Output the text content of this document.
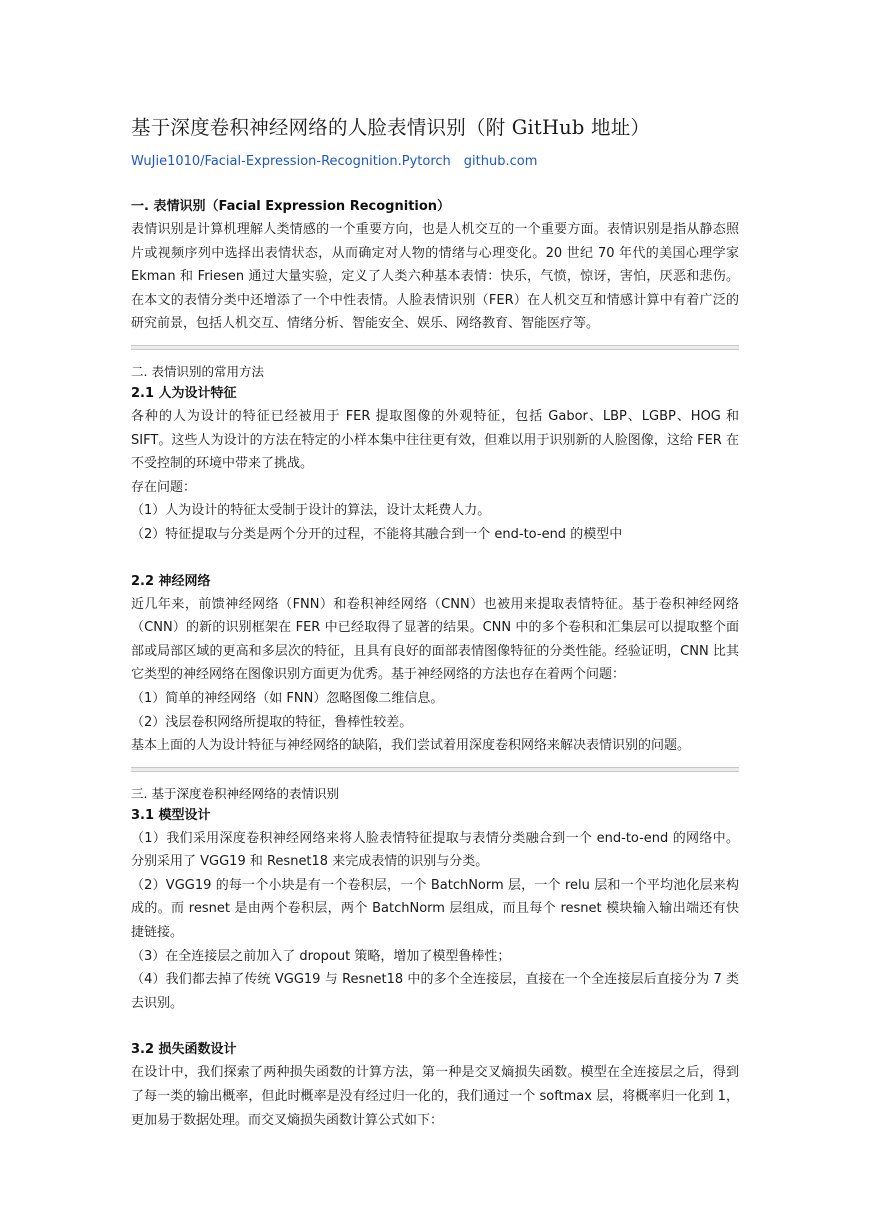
基于深度卷积神经网络的人脸表情识别（附 GitHub 地址）
WuJie1010/Facial-Expression-Recognition.Pytorch github.com
一. 表情识别（Facial Expression Recognition）

表情识别是计算机理解人类情感的一个重要方向，也是人机交互的一个重要方面。表情识别是指从静态照片或视频序列中选择出表情状态，从而确定对人物的情绪与心理变化。20 世纪 70 年代的美国心理学家 Ekman 和 Friesen 通过大量实验，定义了人类六种基本表情：快乐，气愤，惊讶，害怕，厌恶和悲伤。在本文的表情分类中还增添了一个中性表情。人脸表情识别（FER）在人机交互和情感计算中有着广泛的研究前景，包括人机交互、情绪分析、智能安全、娱乐、网络教育、智能医疗等。

二. 表情识别的常用方法
2.1 人为设计特征

各种的人为设计的特征已经被用于 FER 提取图像的外观特征，包括 Gabor、LBP、LGBP、HOG 和 SIFT。这些人为设计的方法在特定的小样本集中往往更有效，但难以用于识别新的人脸图像，这给 FER 在不受控制的环境中带来了挑战。

存在问题：

（1）人为设计的特征太受制于设计的算法，设计太耗费人力。

（2）特征提取与分类是两个分开的过程，不能将其融合到一个 end-to-end 的模型中

2.2 神经网络

近几年来，前馈神经网络（FNN）和卷积神经网络（CNN）也被用来提取表情特征。基于卷积神经网络（CNN）的新的识别框架在 FER 中已经取得了显著的结果。CNN 中的多个卷积和汇集层可以提取整个面部或局部区域的更高和多层次的特征，且具有良好的面部表情图像特征的分类性能。经验证明，CNN 比其它类型的神经网络在图像识别方面更为优秀。基于神经网络的方法也存在着两个问题：

（1）简单的神经网络（如 FNN）忽略图像二维信息。

（2）浅层卷积网络所提取的特征，鲁棒性较差。

基本上面的人为设计特征与神经网络的缺陷，我们尝试着用深度卷积网络来解决表情识别的问题。

三. 基于深度卷积神经网络的表情识别
3.1 模型设计

（1）我们采用深度卷积神经网络来将人脸表情特征提取与表情分类融合到一个 end-to-end 的网络中。分别采用了 VGG19 和 Resnet18 来完成表情的识别与分类。

（2）VGG19 的每一个小块是有一个卷积层，一个 BatchNorm 层，一个 relu 层和一个平均池化层来构成的。而 resnet 是由两个卷积层，两个 BatchNorm 层组成，而且每个 resnet 模块输入输出端还有快捷链接。

（3）在全连接层之前加入了 dropout 策略，增加了模型鲁棒性；

（4）我们都去掉了传统 VGG19 与 Resnet18 中的多个全连接层，直接在一个全连接层后直接分为 7 类去识别。

3.2 损失函数设计

在设计中，我们探索了两种损失函数的计算方法，第一种是交叉熵损失函数。模型在全连接层之后，得到了每一类的输出概率，但此时概率是没有经过归一化的，我们通过一个 softmax 层，将概率归一化到 1，更加易于数据处理。而交叉熵损失函数计算公式如下：
